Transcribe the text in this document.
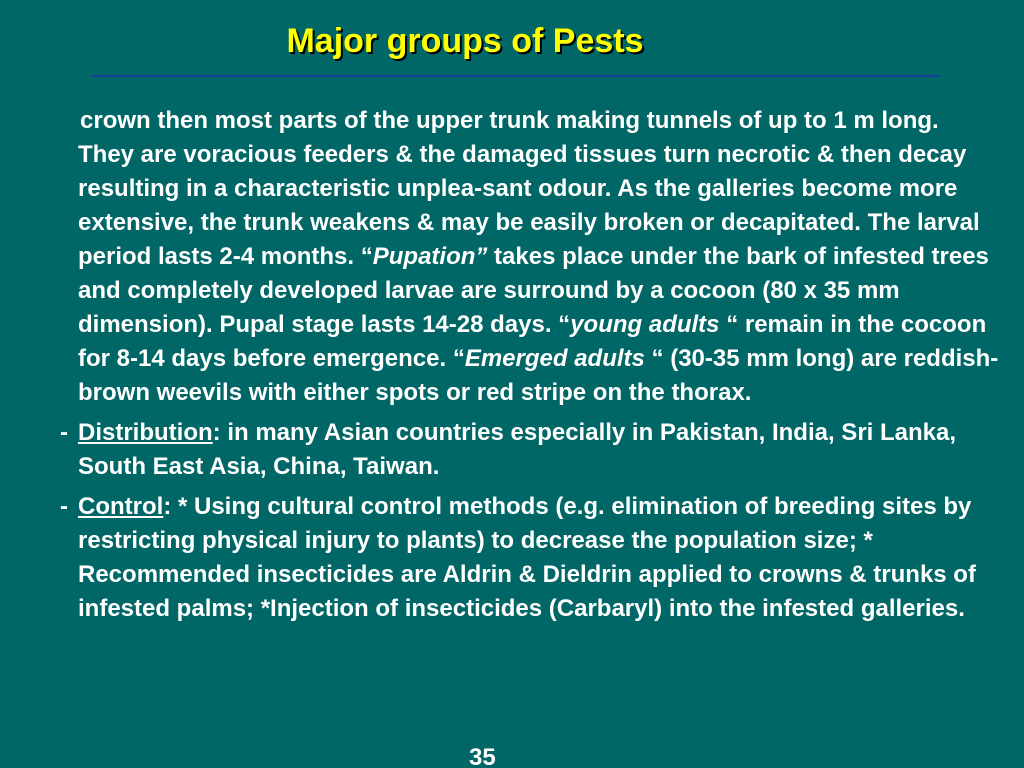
Major groups of Pests

crown then most parts of the upper trunk making tunnels of up to 1 m long. They are voracious feeders & the damaged tissues turn necrotic & then decay resulting in a characteristic unplea-sant odour. As the galleries become more extensive, the trunk weakens & may be easily broken or decapitated. The larval period lasts 2-4 months. “Pupation” takes place under the bark of infested trees and completely developed larvae are surround by a cocoon (80 x 35 mm dimension). Pupal stage lasts 14-28 days. “young adults “ remain in the cocoon for 8-14 days before emergence. “Emerged adults “ (30-35 mm long) are reddish-brown weevils with either spots or red stripe on the thorax.

- Distribution: in many Asian countries especially in Pakistan, India, Sri Lanka, South East Asia, China, Taiwan.

- Control: * Using cultural control methods (e.g. elimination of breeding sites by restricting physical injury to plants) to decrease the population size; * Recommended insecticides are Aldrin & Dieldrin applied to crowns & trunks of infested palms; *Injection of insecticides (Carbaryl) into the infested galleries.

35
